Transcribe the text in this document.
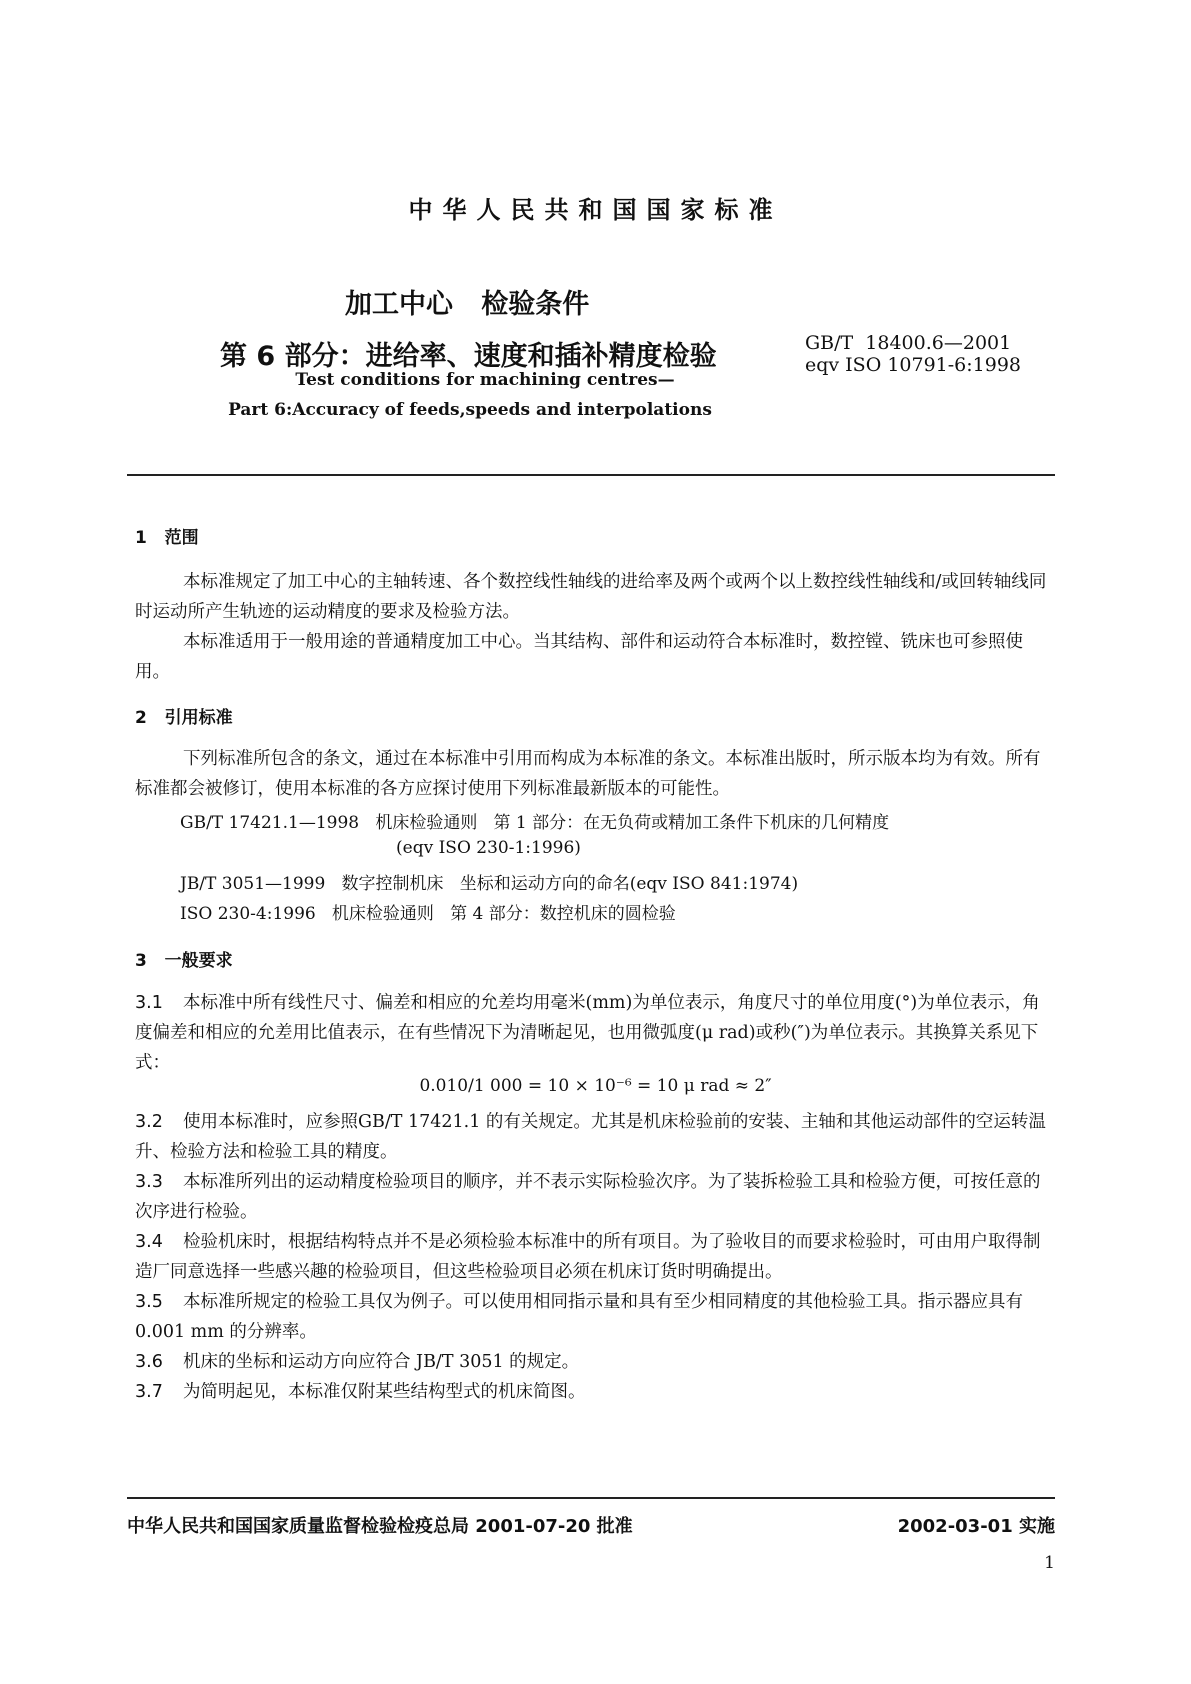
中华人民共和国国家标准
加工中心   检验条件
第 6 部分：进给率、速度和插补精度检验	GB/T  18400.6—2001
eqv ISO 10791-6:1998
Test conditions for machining centres—
Part 6:Accuracy of feeds,speeds and interpolations
1   范围
本标准规定了加工中心的主轴转速、各个数控线性轴线的进给率及两个或两个以上数控线性轴线和/或回转轴线同时运动所产生轨迹的运动精度的要求及检验方法。
本标准适用于一般用途的普通精度加工中心。当其结构、部件和运动符合本标准时，数控镗、铣床也可参照使用。
2   引用标准
下列标准所包含的条文，通过在本标准中引用而构成为本标准的条文。本标准出版时，所示版本均为有效。所有标准都会被修订，使用本标准的各方应探讨使用下列标准最新版本的可能性。
GB/T 17421.1—1998   机床检验通则   第 1 部分：在无负荷或精加工条件下机床的几何精度
(eqv ISO 230-1:1996)
JB/T 3051—1999   数字控制机床   坐标和运动方向的命名(eqv ISO 841:1974)
ISO 230-4:1996   机床检验通则   第 4 部分：数控机床的圆检验
3   一般要求
3.1 本标准中所有线性尺寸、偏差和相应的允差均用毫米(mm)为单位表示，角度尺寸的单位用度(°)为单位表示，角度偏差和相应的允差用比值表示，在有些情况下为清晰起见，也用微弧度(μ rad)或秒(″)为单位表示。其换算关系见下式：
0.010/1 000 = 10 × 10⁻⁶ = 10 μ rad ≈ 2″
3.2 使用本标准时，应参照GB/T 17421.1 的有关规定。尤其是机床检验前的安装、主轴和其他运动部件的空运转温升、检验方法和检验工具的精度。
3.3 本标准所列出的运动精度检验项目的顺序，并不表示实际检验次序。为了装拆检验工具和检验方便，可按任意的次序进行检验。
3.4 检验机床时，根据结构特点并不是必须检验本标准中的所有项目。为了验收目的而要求检验时，可由用户取得制造厂同意选择一些感兴趣的检验项目，但这些检验项目必须在机床订货时明确提出。
3.5 本标准所规定的检验工具仅为例子。可以使用相同指示量和具有至少相同精度的其他检验工具。指示器应具有 0.001 mm 的分辨率。
3.6 机床的坐标和运动方向应符合 JB/T 3051 的规定。
3.7 为简明起见，本标准仅附某些结构型式的机床简图。
中华人民共和国国家质量监督检验检疫总局 2001-07-20 批准	2002-03-01 实施
1
